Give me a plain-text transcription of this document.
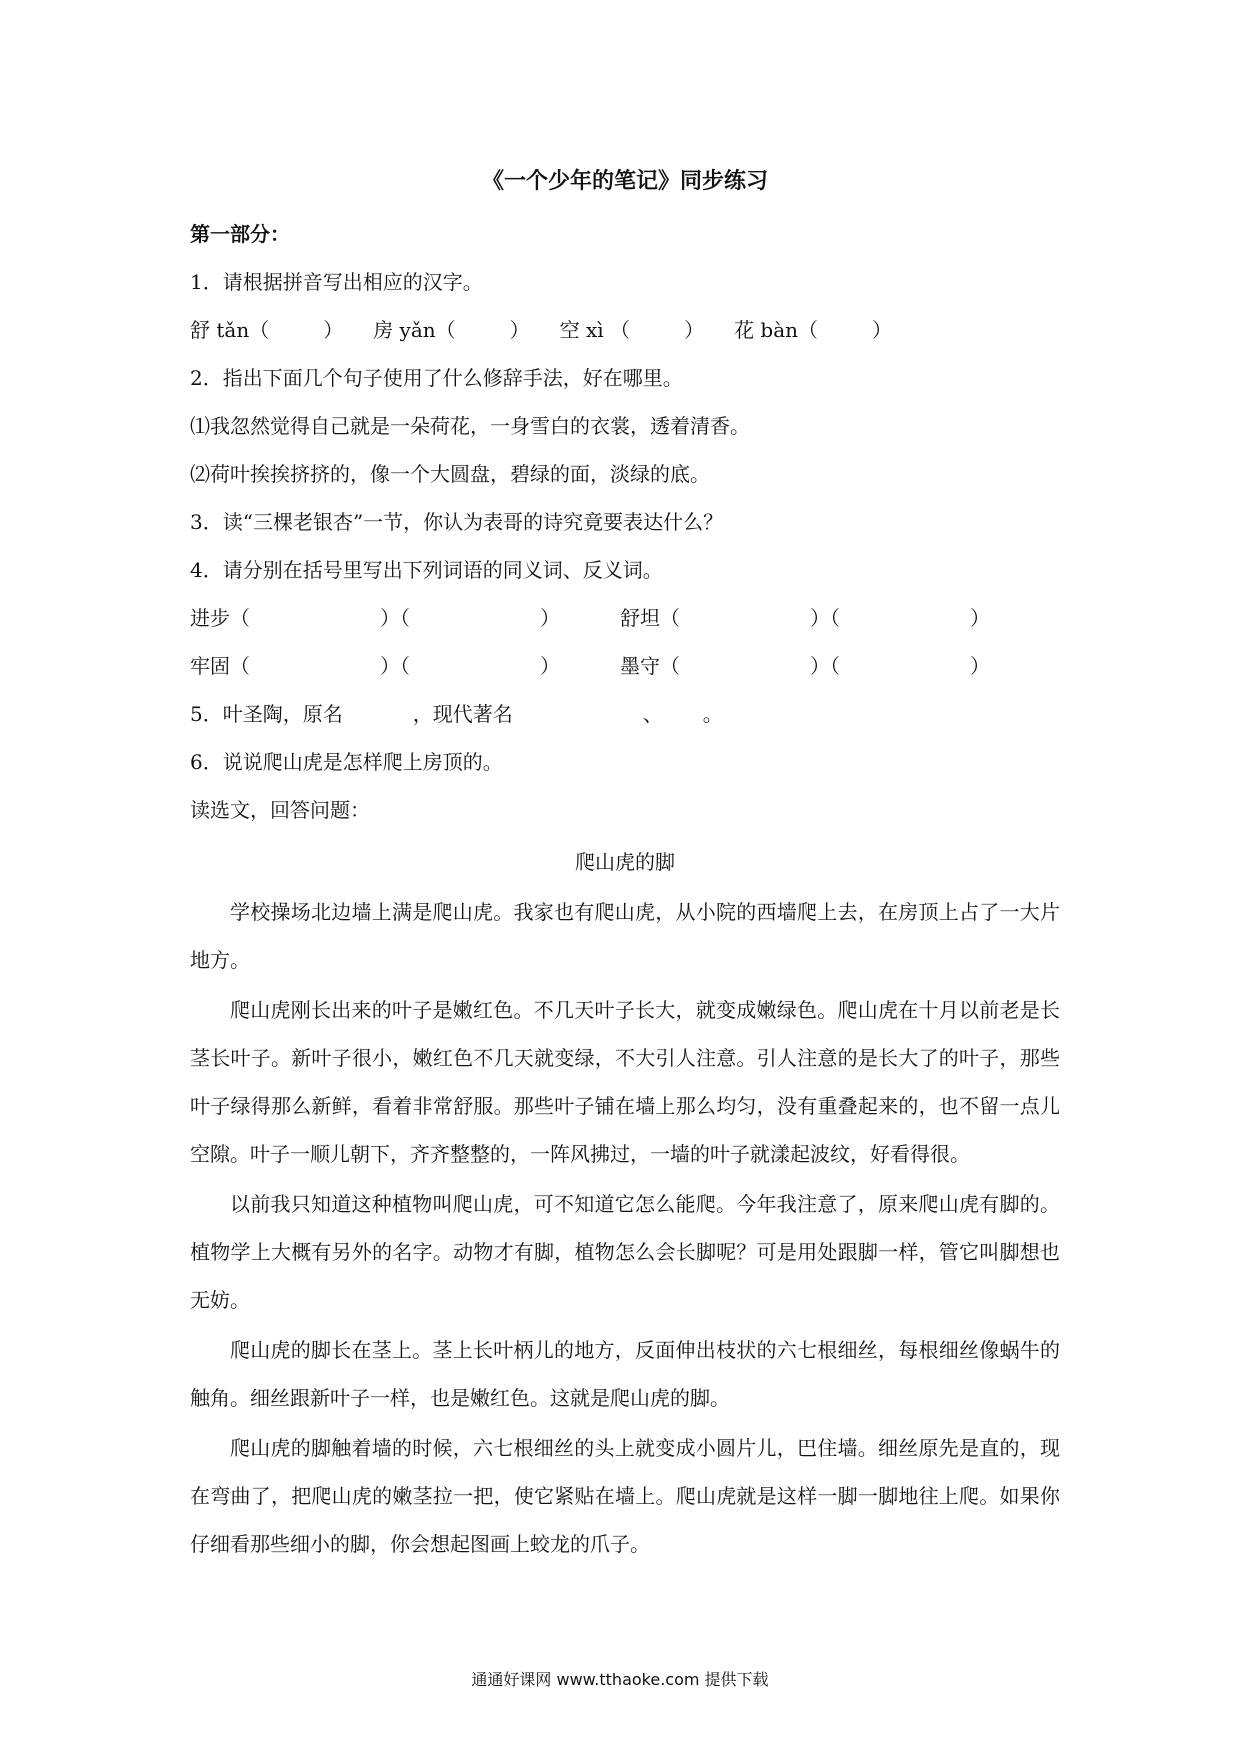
《一个少年的笔记》同步练习
第一部分：
1．请根据拼音写出相应的汉字。
舒 tǎn（	） 房 yǎn（	） 空 xì （	） 花 bàn（	）
2．指出下面几个句子使用了什么修辞手法，好在哪里。
⑴我忽然觉得自己就是一朵荷花，一身雪白的衣裳，透着清香。
⑵荷叶挨挨挤挤的，像一个大圆盘，碧绿的面，淡绿的底。
3．读“三棵老银杏”一节，你认为表哥的诗究竟要表达什么？
4．请分别在括号里写出下列词语的同义词、反义词。
进步（	）（	）	舒坦（	）（	）
牢固（	）（	）	墨守（	）（	）
5．叶圣陶，原名	，现代著名	、 。
6．说说爬山虎是怎样爬上房顶的。
读选文，回答问题：
爬山虎的脚

学校操场北边墙上满是爬山虎。我家也有爬山虎，从小院的西墙爬上去，在房顶上占了一大片地方。

爬山虎刚长出来的叶子是嫩红色。不几天叶子长大，就变成嫩绿色。爬山虎在十月以前老是长茎长叶子。新叶子很小，嫩红色不几天就变绿，不大引人注意。引人注意的是长大了的叶子，那些叶子绿得那么新鲜，看着非常舒服。那些叶子铺在墙上那么均匀，没有重叠起来的，也不留一点儿空隙。叶子一顺儿朝下，齐齐整整的，一阵风拂过，一墙的叶子就漾起波纹，好看得很。

以前我只知道这种植物叫爬山虎，可不知道它怎么能爬。今年我注意了，原来爬山虎有脚的。植物学上大概有另外的名字。动物才有脚，植物怎么会长脚呢？可是用处跟脚一样，管它叫脚想也无妨。

爬山虎的脚长在茎上。茎上长叶柄儿的地方，反面伸出枝状的六七根细丝，每根细丝像蜗牛的触角。细丝跟新叶子一样，也是嫩红色。这就是爬山虎的脚。

爬山虎的脚触着墙的时候，六七根细丝的头上就变成小圆片儿，巴住墙。细丝原先是直的，现在弯曲了，把爬山虎的嫩茎拉一把，使它紧贴在墙上。爬山虎就是这样一脚一脚地往上爬。如果你仔细看那些细小的脚，你会想起图画上蛟龙的爪子。

通通好课网 www.tthaoke.com 提供下载
